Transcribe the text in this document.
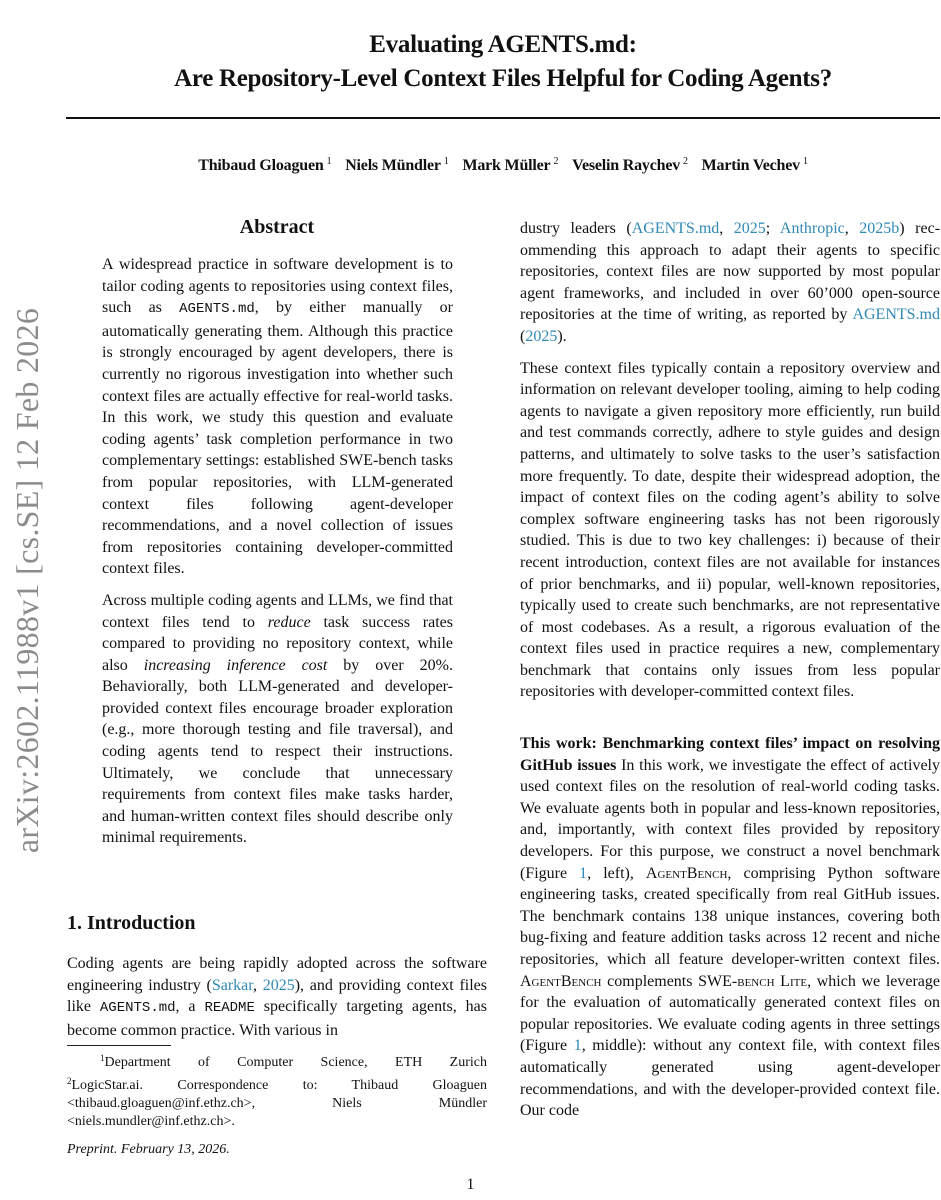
arXiv:2602.11988v1 [cs.SE] 12 Feb 2026
Evaluating AGENTS.md:
Are Repository-Level Context Files Helpful for Coding Agents?
Thibaud Gloaguen $^1$ Niels Mündler $^1$ Mark Müller $^2$ Veselin Raychev $^2$ Martin Vechev $^1$
Abstract

A widespread practice in software development is to tailor coding agents to repositories using context files, such as AGENTS.md, by either manually or automatically generating them. Although this practice is strongly encouraged by agent developers, there is currently no rigorous investigation into whether such context files are actually effective for real-world tasks. In this work, we study this question and evaluate coding agents’ task completion performance in two complementary settings: established SWE-bench tasks from popular repositories, with LLM-generated context files following agent-developer recommendations, and a novel collection of issues from repositories containing developer-committed context files.

Across multiple coding agents and LLMs, we find that context files tend to reduce task success rates compared to providing no repository context, while also increasing inference cost by over 20%. Behaviorally, both LLM-generated and developer-provided context files encourage broader exploration (e.g., more thorough testing and file traversal), and coding agents tend to respect their instructions. Ultimately, we conclude that unnecessary requirements from context files make tasks harder, and human-written context files should describe only minimal requirements.

1. Introduction

Coding agents are being rapidly adopted across the software engineering industry (Sarkar, 2025), and providing context files like AGENTS.md, a README specifically targeting agents, has become common practice. With various in

$^1$Department of Computer Science, ETH Zurich
$^2$LogicStar.ai. Correspondence to: Thibaud Gloaguen
<thibaud.gloaguen@inf.ethz.ch>, Niels Mündler
<niels.mundler@inf.ethz.ch>.
Preprint. February 13, 2026.

dustry leaders (AGENTS.md, 2025; Anthropic, 2025b) recommending this approach to adapt their agents to specific repositories, context files are now supported by most popular agent frameworks, and included in over 60’000 open-source repositories at the time of writing, as reported by AGENTS.md (2025).

These context files typically contain a repository overview and information on relevant developer tooling, aiming to help coding agents to navigate a given repository more efficiently, run build and test commands correctly, adhere to style guides and design patterns, and ultimately to solve tasks to the user’s satisfaction more frequently. To date, despite their widespread adoption, the impact of context files on the coding agent’s ability to solve complex software engineering tasks has not been rigorously studied. This is due to two key challenges: i) because of their recent introduction, context files are not available for instances of prior benchmarks, and ii) popular, well-known repositories, typically used to create such benchmarks, are not representative of most codebases. As a result, a rigorous evaluation of the context files used in practice requires a new, complementary benchmark that contains only issues from less popular repositories with developer-committed context files.

This work: Benchmarking context files’ impact on resolving GitHub issues In this work, we investigate the effect of actively used context files on the resolution of real-world coding tasks. We evaluate agents both in popular and less-known repositories, and, importantly, with context files provided by repository developers. For this purpose, we construct a novel benchmark (Figure 1, left), AgentBench, comprising Python software engineering tasks, created specifically from real GitHub issues. The benchmark contains 138 unique instances, covering both bug-fixing and feature addition tasks across 12 recent and niche repositories, which all feature developer-written context files. AgentBench complements SWE-bench Lite, which we leverage for the evaluation of automatically generated context files on popular repositories. We evaluate coding agents in three settings (Figure 1, middle): without any context file, with context files automatically generated using agent-developer recommendations, and with the developer-provided context file. Our code

1
